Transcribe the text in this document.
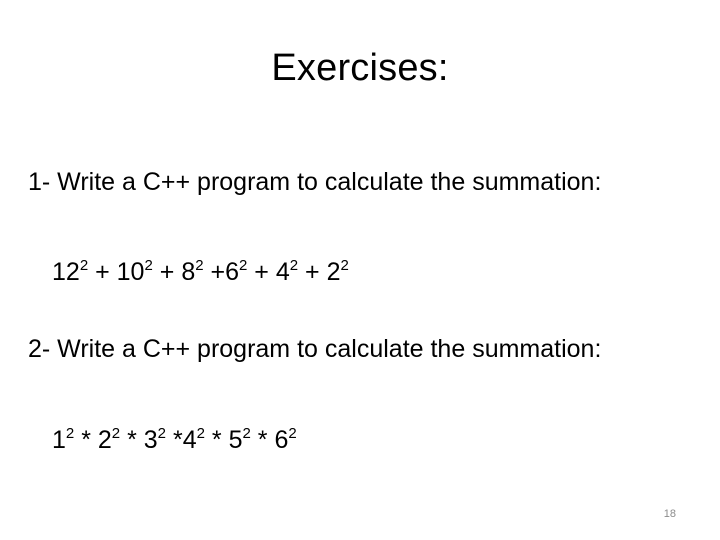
Exercises:
1- Write a C++ program to calculate the summation:
$12^2 + 10^2 + 8^2 +6^2 + 4^2 + 2^2$
2- Write a C++ program to calculate the summation:
$1^2 * 2^2 * 3^2$ $*4^2 * 5^2 * 6^2$
18
